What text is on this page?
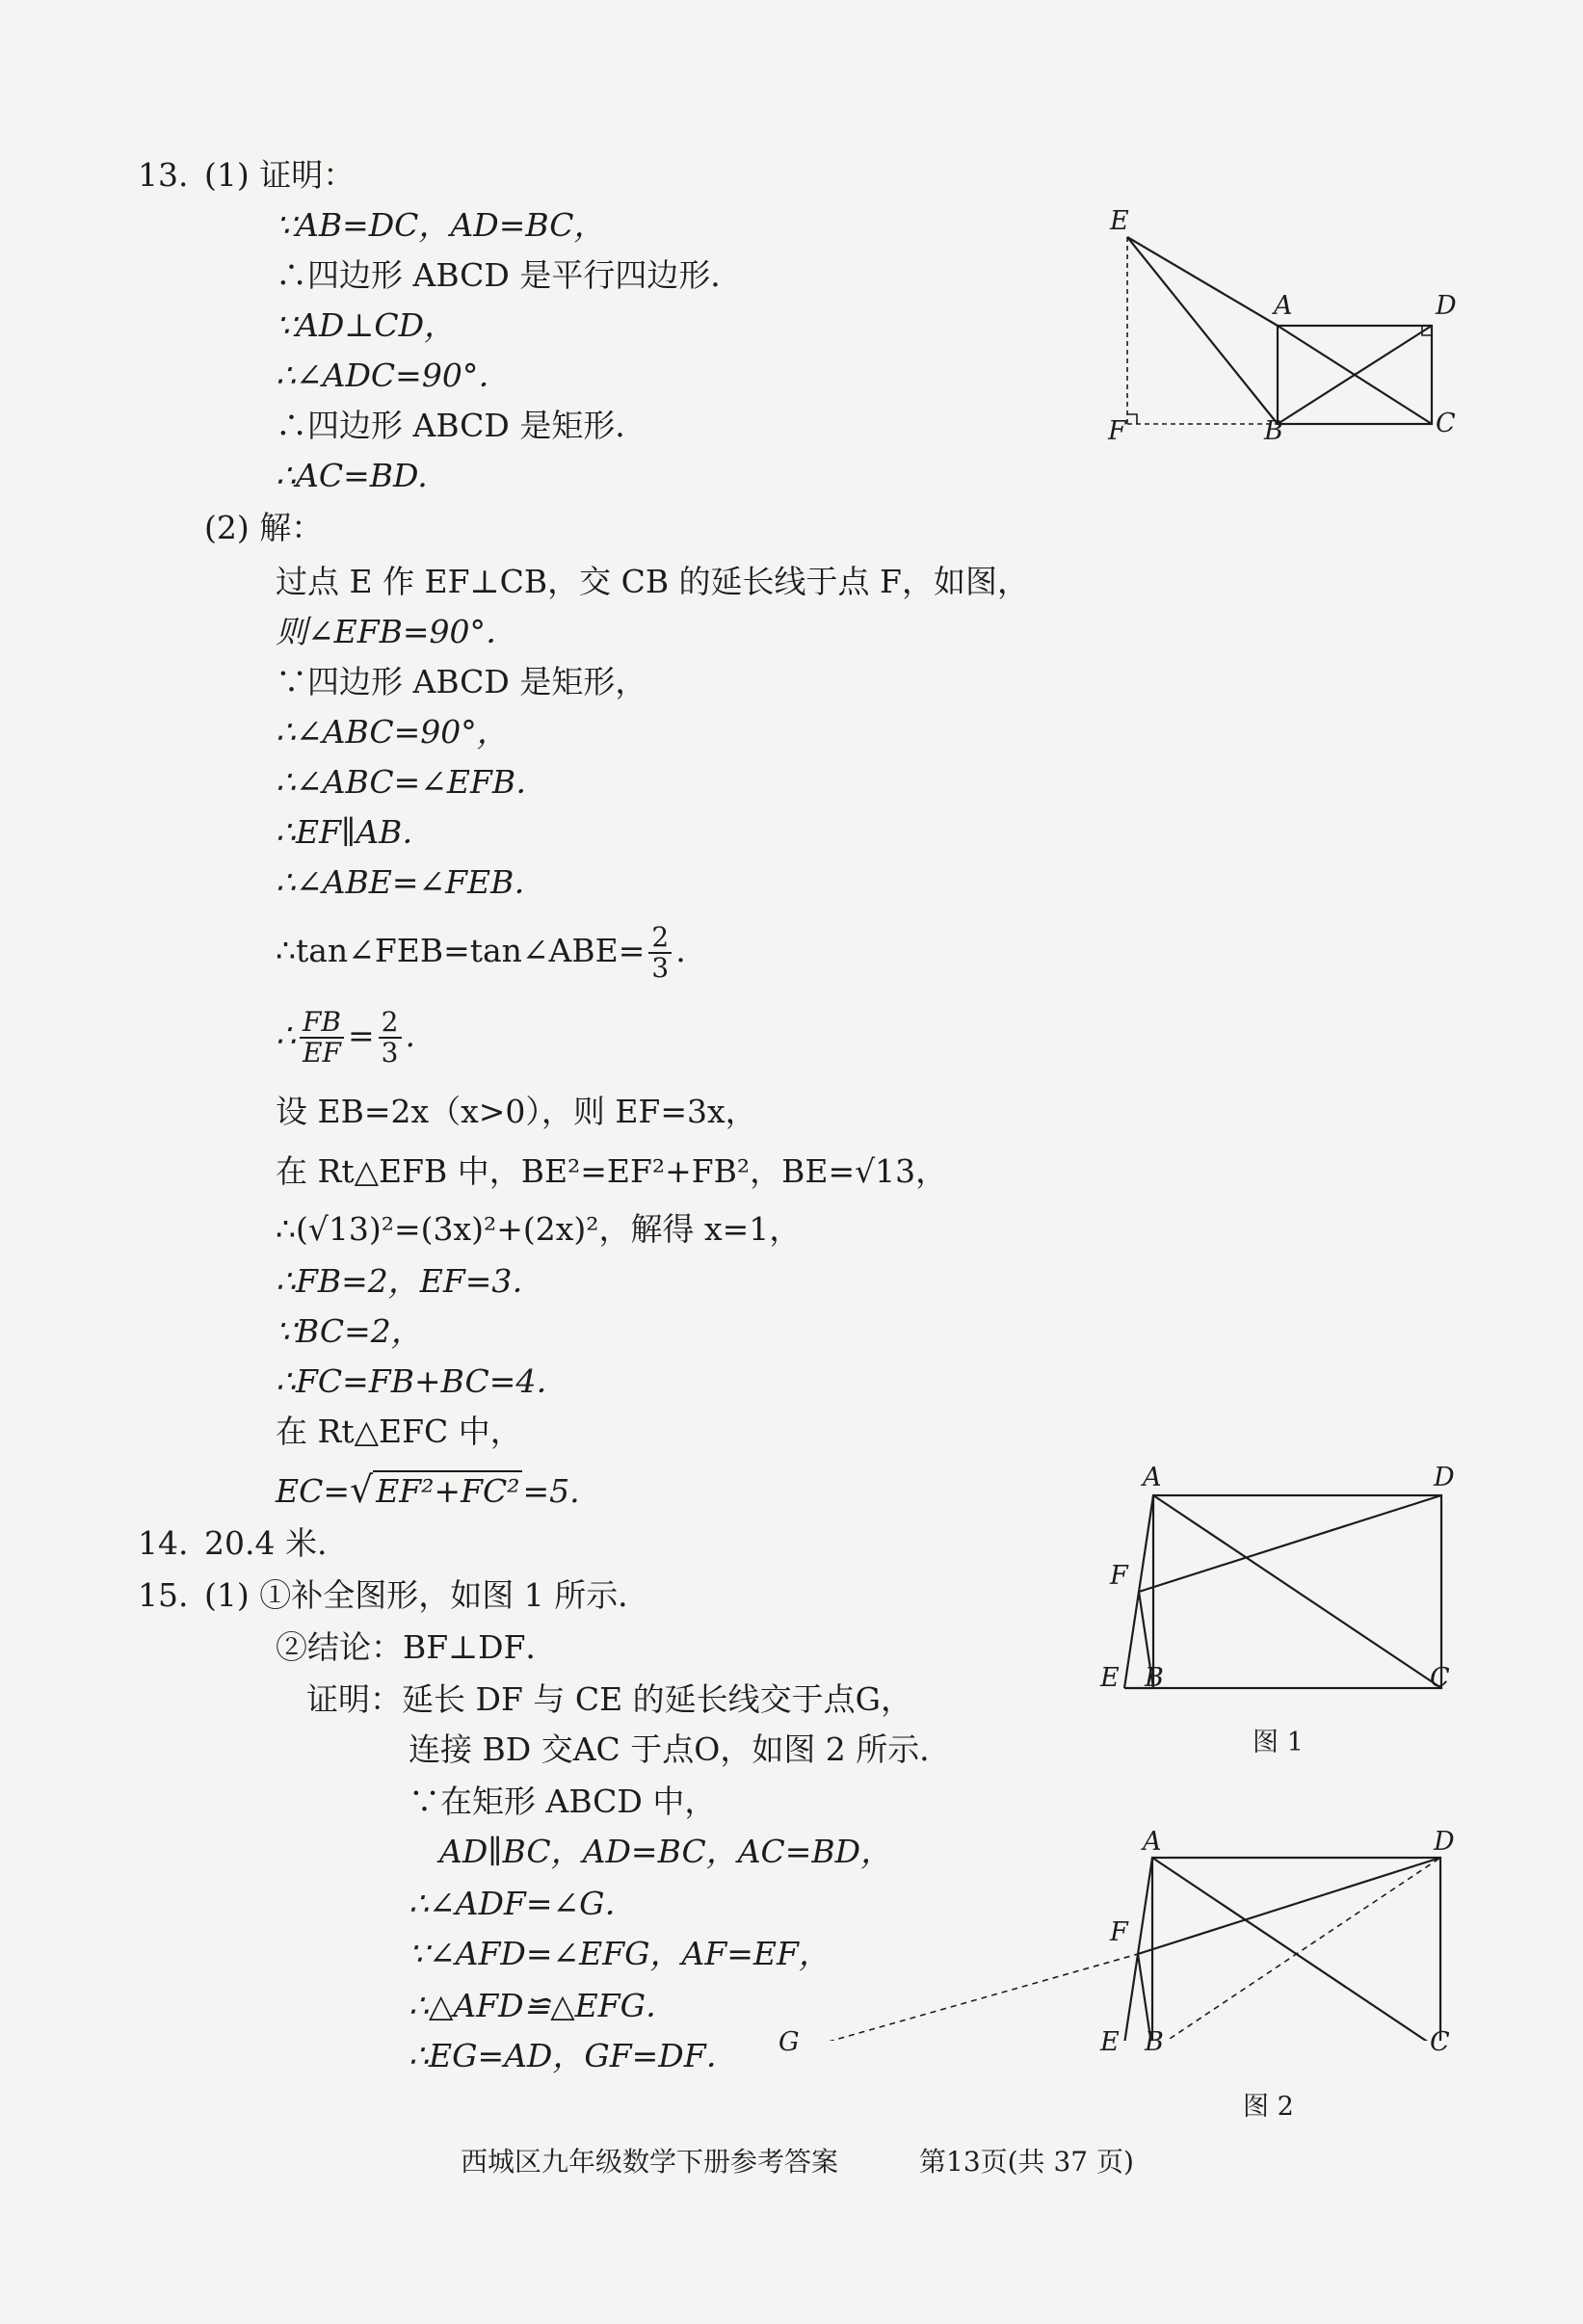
13. (1) 证明：
∵AB=DC，AD=BC，
∴四边形 ABCD 是平行四边形．
∵AD⊥CD，
∴∠ADC=90°．
∴四边形 ABCD 是矩形．
∴AC=BD.
(2) 解：
过点 E 作 EF⊥CB，交 CB 的延长线于点 F，如图，
则∠EFB=90°．
∵四边形 ABCD 是矩形，
∴∠ABC=90°，
∴∠ABC=∠EFB．
∴EF∥AB．
∴∠ABE=∠FEB．
∴tan∠FEB=tan∠ABE= $\frac{2}{3}$ .
∴ $\frac{FB}{EF} = \frac{2}{3}$ .
设 EB=2x（x>0），则 EF=3x，
在 Rt△EFB 中，BE²=EF²+FB²，BE=√13，
∴(√13)²=(3x)²+(2x)²，解得 x=1，
∴FB=2，EF=3．
∵BC=2，
∴FC=FB+BC=4．
在 Rt△EFC 中，
EC=√EF²+FC²=5.
14. 20.4 米.
15. (1) ①补全图形，如图 1 所示．
②结论：BF⊥DF．
证明：延长 DF 与 CE 的延长线交于点G，
连接 BD 交AC 于点O，如图 2 所示．
∵在矩形 ABCD 中，
AD∥BC，AD=BC，AC=BD，
∴∠ADF=∠G．
∵∠AFD=∠EFG，AF=EF，
∴△AFD≌△EFG．
∴EG=AD，GF=DF．
E
A	D
F	B	C
A	D
F
E B	C
图 1
A	D
F
G	E B	C
图 2
西城区九年级数学下册参考答案	第13页(共 37 页)
